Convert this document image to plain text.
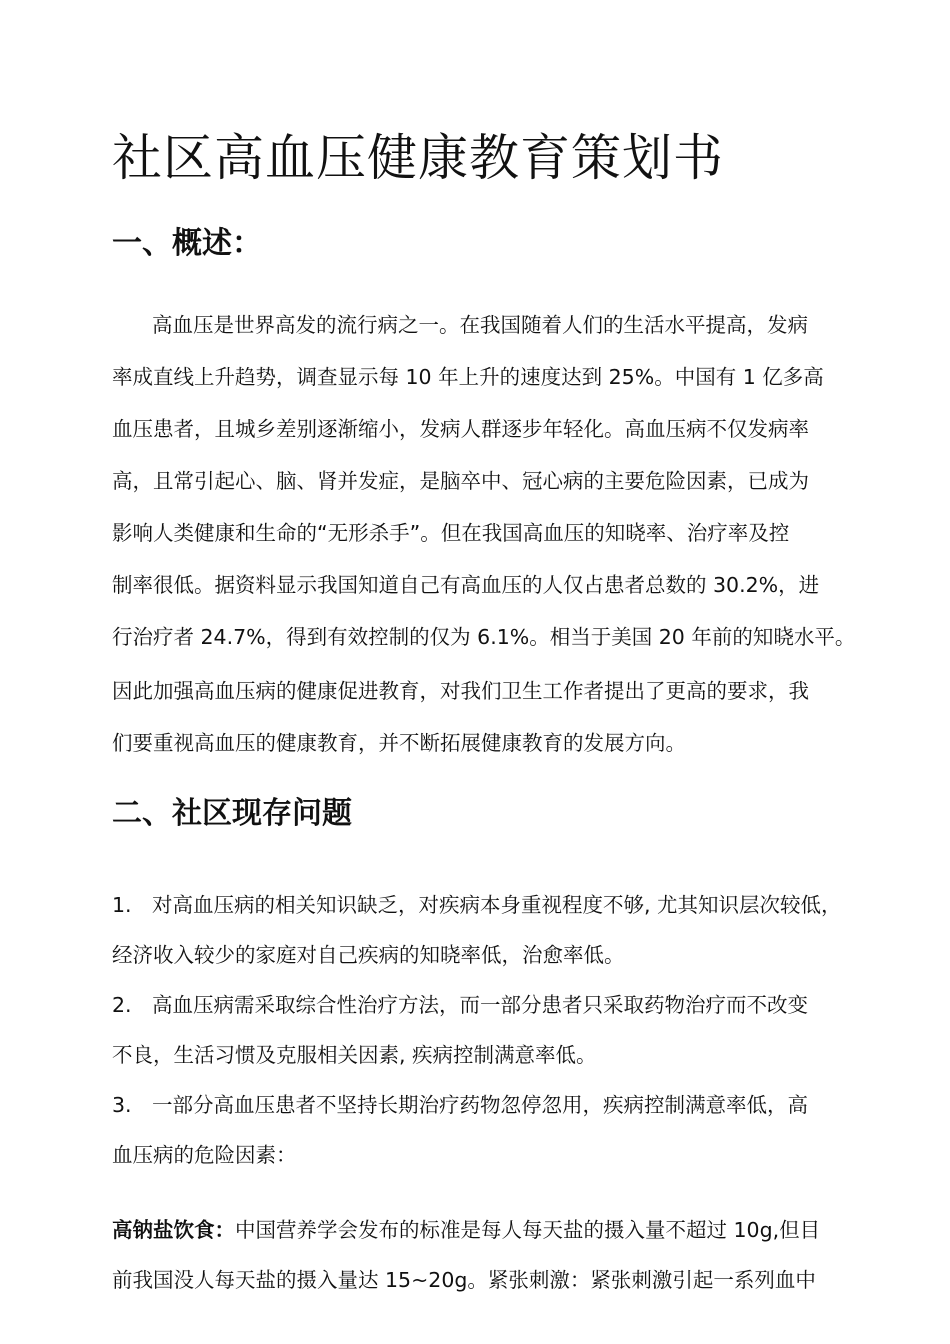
社区高血压健康教育策划书
一、概述：

高血压是世界高发的流行病之一。在我国随着人们的生活水平提高，发病

率成直线上升趋势，调查显示每 10 年上升的速度达到 25%。中国有 1 亿多高

血压患者，且城乡差别逐渐缩小，发病人群逐步年轻化。高血压病不仅发病率

高，且常引起心、脑、肾并发症，是脑卒中、冠心病的主要危险因素，已成为

影响人类健康和生命的“无形杀手”。但在我国高血压的知晓率、治疗率及控

制率很低。据资料显示我国知道自己有高血压的人仅占患者总数的 30.2%，进

行治疗者 24.7%，得到有效控制的仅为 6.1%。相当于美国 20 年前的知晓水平。

因此加强高血压病的健康促进教育，对我们卫生工作者提出了更高的要求，我

们要重视高血压的健康教育，并不断拓展健康教育的发展方向。

二、社区现存问题

1. 对高血压病的相关知识缺乏，对疾病本身重视程度不够, 尤其知识层次较低，

经济收入较少的家庭对自己疾病的知晓率低，治愈率低。

2. 高血压病需采取综合性治疗方法，而一部分患者只采取药物治疗而不改变

不良，生活习惯及克服相关因素, 疾病控制满意率低。

3. 一部分高血压患者不坚持长期治疗药物忽停忽用，疾病控制满意率低，高

血压病的危险因素：

高钠盐饮食：中国营养学会发布的标准是每人每天盐的摄入量不超过 10g,但目

前我国没人每天盐的摄入量达 15~20g。紧张刺激：紧张刺激引起一系列血中
